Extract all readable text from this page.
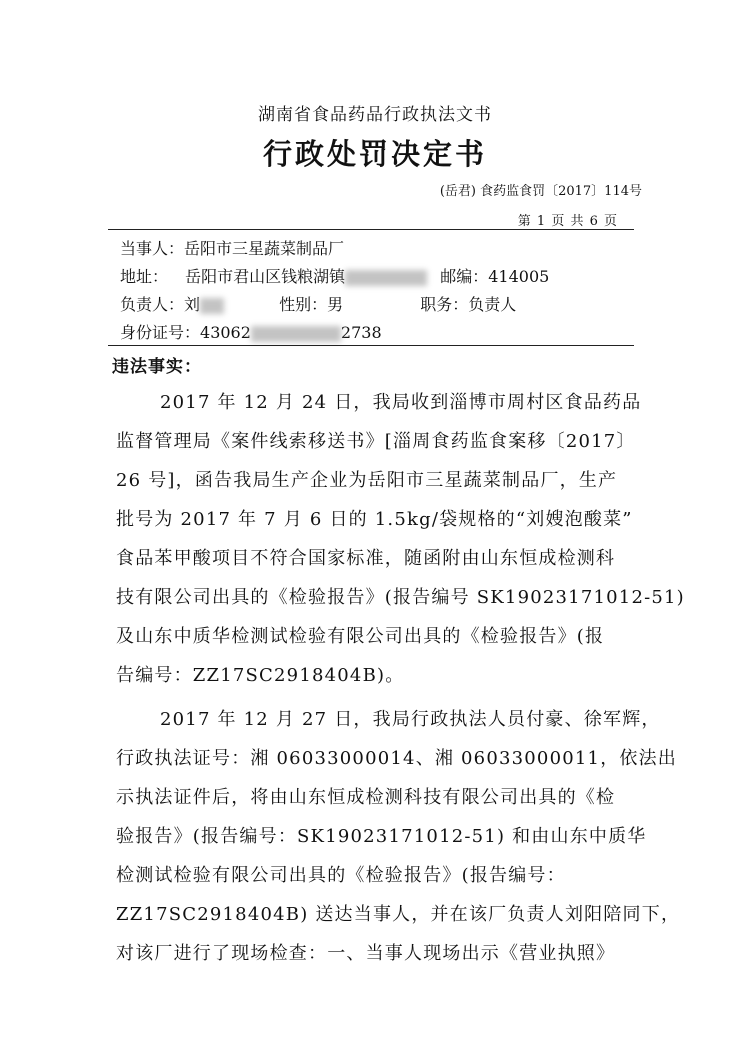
湖南省食品药品行政执法文书
行政处罚决定书
(岳君) 食药监食罚〔2017〕114号
第 1 页 共 6 页
当事人：岳阳市三星蔬菜制品厂
地址： 岳阳市君山区钱粮湖镇	邮编：414005
负责人：刘	性别：男	职务：负责人
身份证号：43062	2738
违法事实：
2017 年 12 月 24 日，我局收到淄博市周村区食品药品
监督管理局《案件线索移送书》[淄周食药监食案移〔2017〕
26 号]，函告我局生产企业为岳阳市三星蔬菜制品厂，生产
批号为 2017 年 7 月 6 日的 1.5kg/袋规格的“刘嫂泡酸菜”
食品苯甲酸项目不符合国家标准，随函附由山东恒成检测科
技有限公司出具的《检验报告》(报告编号 SK19023171012-51)
及山东中质华检测试检验有限公司出具的《检验报告》(报
告编号：ZZ17SC2918404B)。
2017 年 12 月 27 日，我局行政执法人员付豪、徐军辉，
行政执法证号：湘 06033000014、湘 06033000011，依法出
示执法证件后，将由山东恒成检测科技有限公司出具的《检
验报告》(报告编号：SK19023171012-51) 和由山东中质华
检测试检验有限公司出具的《检验报告》(报告编号：
ZZ17SC2918404B) 送达当事人，并在该厂负责人刘阳陪同下，
对该厂进行了现场检查：一、当事人现场出示《营业执照》
